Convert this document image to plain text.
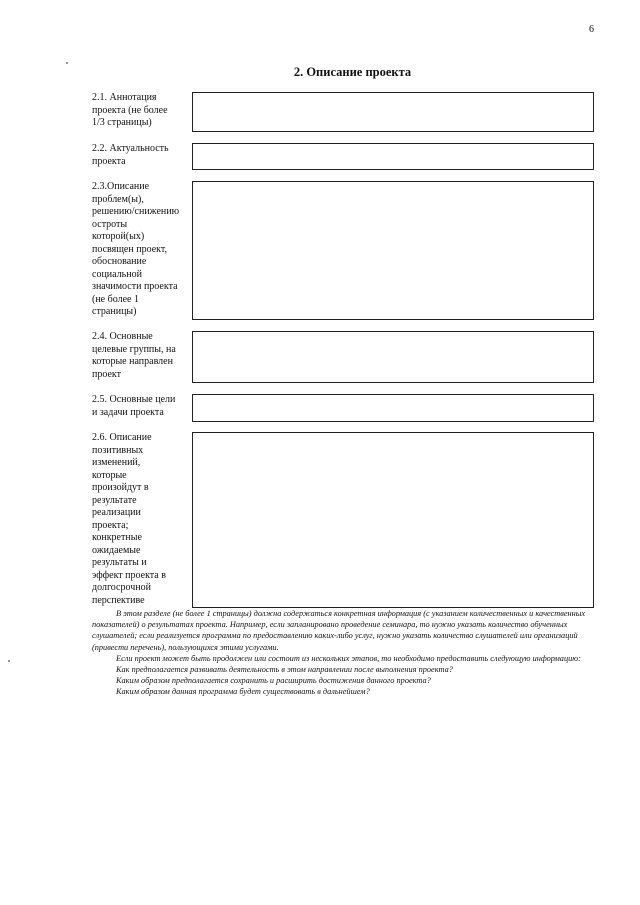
6
2. Описание проекта
2.1. Аннотация
проекта (не более
1/3 страницы)
2.2. Актуальность
проекта
2.3.Описание
проблем(ы),
решению/снижению
остроты
которой(ых)
посвящен проект,
обоснование
социальной
значимости проекта
(не более 1
страницы)
2.4. Основные
целевые группы, на
которые направлен
проект
2.5. Основные цели
и задачи проекта
2.6. Описание
позитивных
изменений,
которые
произойдут в
результате
реализации
проекта;
конкретные
ожидаемые
результаты и
эффект проекта в
долгосрочной
перспективе

В этом разделе (не более 1 страницы) должна содержаться конкретная информация (с указанием количественных и качественных показателей) о результатах проекта. Например, если запланировано проведение семинара, то нужно указать количество обученных слушателей; если реализуется программа по предоставлению каких-либо услуг, нужно указать количество слушателей или организаций (привести перечень), пользующихся этими услугами.

Если проект может быть продолжен или состоит из нескольких этапов, то необходимо предоставить следующую информацию:

Как предполагается развивать деятельность в этом направлении после выполнения проекта?

Каким образом предполагается сохранить и расширить достижения данного проекта?

Каким образом данная программа будет существовать в дальнейшем?
